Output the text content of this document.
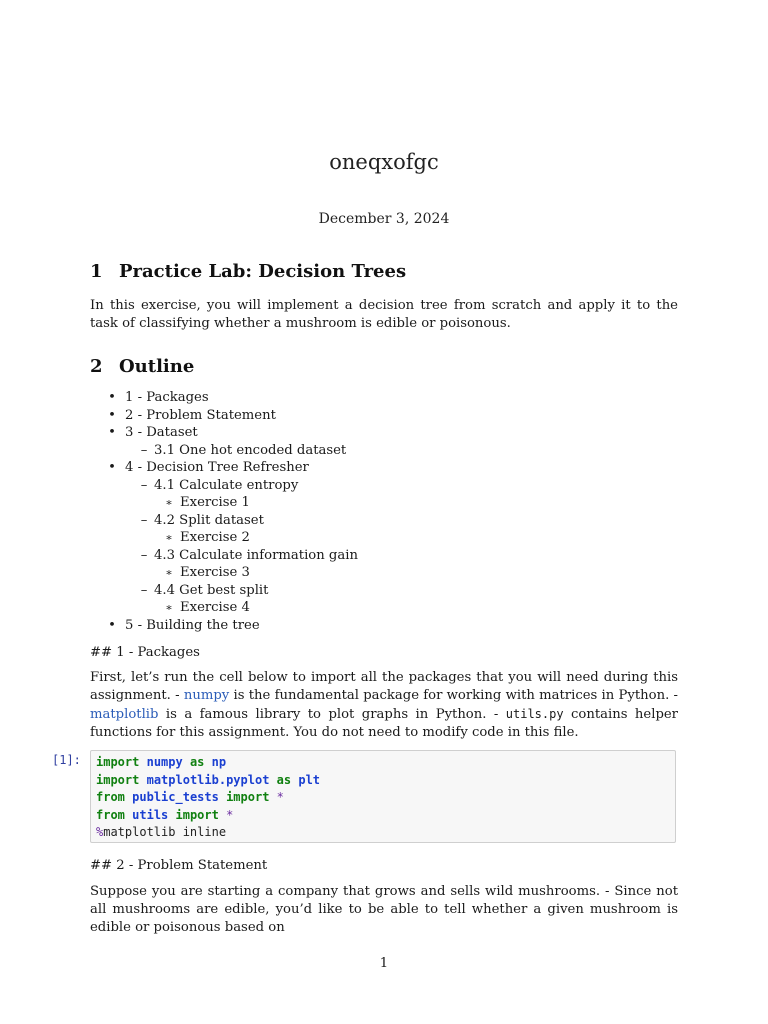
oneqxofgc
December 3, 2024
1 Practice Lab: Decision Trees
In this exercise, you will implement a decision tree from scratch and apply it to the task of classifying whether a mushroom is edible or poisonous.
2 Outline
• 1 - Packages
• 2 - Problem Statement
• 3 - Dataset
– 3.1 One hot encoded dataset
• 4 - Decision Tree Refresher
– 4.1 Calculate entropy
∗ Exercise 1
– 4.2 Split dataset
∗ Exercise 2
– 4.3 Calculate information gain
∗ Exercise 3
– 4.4 Get best split
∗ Exercise 4
• 5 - Building the tree
## 1 - Packages
First, let’s run the cell below to import all the packages that you will need during this assignment. - numpy is the fundamental package for working with matrices in Python. - matplotlib is a famous library to plot graphs in Python. - utils.py contains helper functions for this assignment. You do not need to modify code in this file.
import numpy as np
import matplotlib.pyplot as plt
from public_tests import *
from utils import *
%matplotlib inline
## 2 - Problem Statement
Suppose you are starting a company that grows and sells wild mushrooms. - Since not all mushrooms are edible, you’d like to be able to tell whether a given mushroom is edible or poisonous based on
1
[1]:
